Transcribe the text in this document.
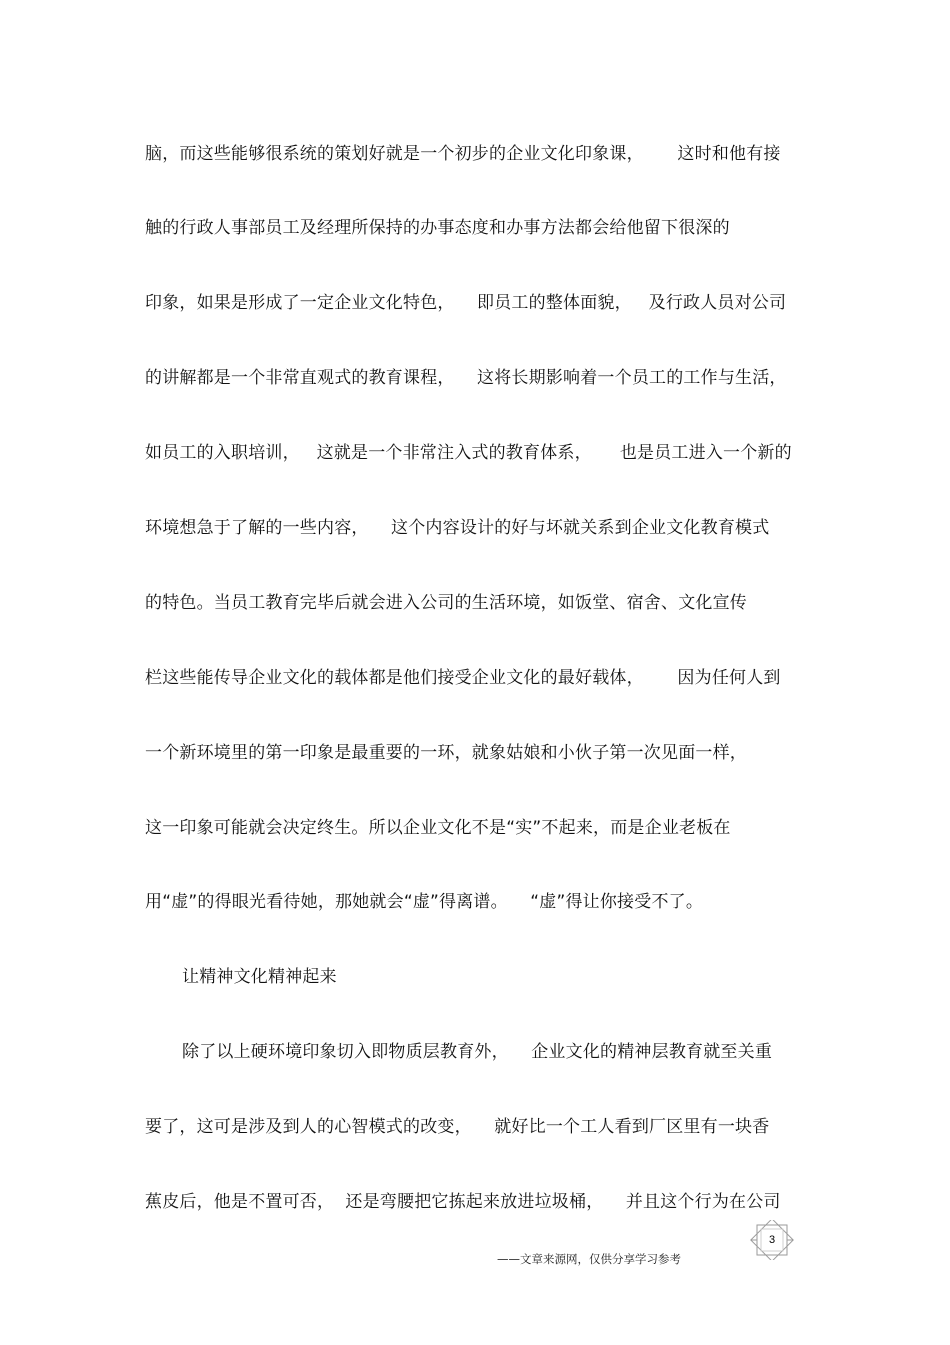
脑，而这些能够很系统的策划好就是一个初步的企业文化印象课，      这时和他有接
触的行政人事部员工及经理所保持的办事态度和办事方法都会给他留下很深的
印象，如果是形成了一定企业文化特色，    即员工的整体面貌，   及行政人员对公司
的讲解都是一个非常直观式的教育课程，    这将长期影响着一个员工的工作与生活，
如员工的入职培训，   这就是一个非常注入式的教育体系，     也是员工进入一个新的
环境想急于了解的一些内容，    这个内容设计的好与坏就关系到企业文化教育模式
的特色。当员工教育完毕后就会进入公司的生活环境，如饭堂、宿舍、文化宣传
栏这些能传导企业文化的载体都是他们接受企业文化的最好载体，      因为任何人到
一个新环境里的第一印象是最重要的一环，就象姑娘和小伙子第一次见面一样，
这一印象可能就会决定终生。所以企业文化不是“实”不起来，而是企业老板在
用“虚”的得眼光看待她，那她就会“虚”得离谱。    “虚”得让你接受不了。
让精神文化精神起来
除了以上硬环境印象切入即物质层教育外，    企业文化的精神层教育就至关重
要了，这可是涉及到人的心智模式的改变，    就好比一个工人看到厂区里有一块香
蕉皮后，他是不置可否，  还是弯腰把它拣起来放进垃圾桶，    并且这个行为在公司
3
——文章来源网，仅供分享学习参考
